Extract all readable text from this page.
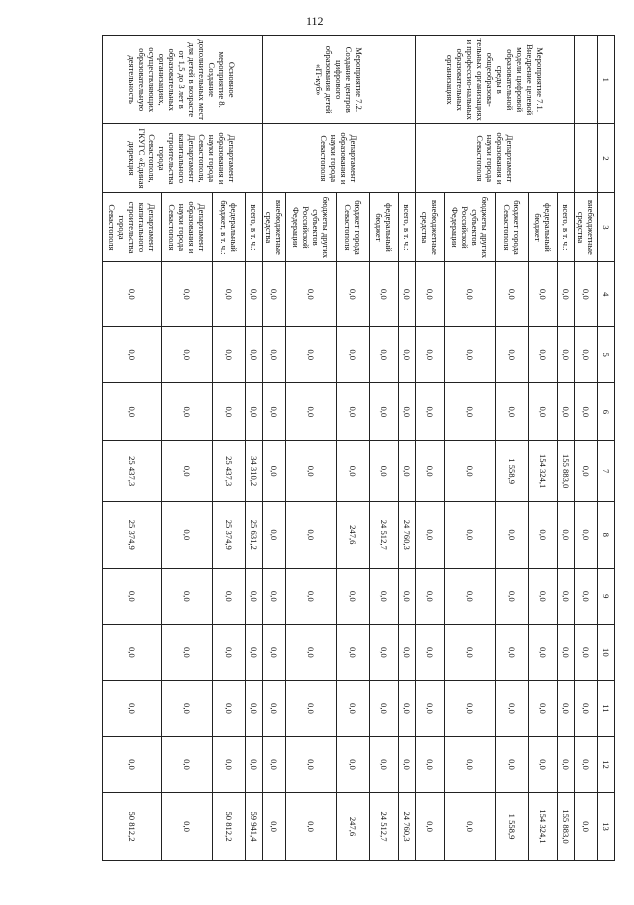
112
1	2	3	4	5	6	7	8	9	10	11	12	13
		внебюджетные средства	0,0	0,0	0,0	0,0	0,0	0,0	0,0	0,0	0,0	0,0
Мероприятие 7.1. Внедрение целевой модели цифровой образовательной среды в общеобразова-тельных организациях и профессио-нальных образовательных организациях	Департамент образования и науки города Севастополя	всего, в т. ч.:	0,0	0,0	0,0	155 883,0	0,0	0,0	0,0	0,0	0,0	155 883,0
		федеральный бюджет	0,0	0,0	0,0	154 324,1	0,0	0,0	0,0	0,0	0,0	154 324,1
		бюджет города Севастополя	0,0	0,0	0,0	1 558,9	0,0	0,0	0,0	0,0	0,0	1 558,9
		бюджеты других субъектов Российской Федерации	0,0	0,0	0,0	0,0	0,0	0,0	0,0	0,0	0,0	0,0
		внебюджетные средства	0,0	0,0	0,0	0,0	0,0	0,0	0,0	0,0	0,0	0,0
Мероприятие 7.2. Создание центров цифрового образования детей «IT-куб»	Департамент образования и науки города Севастополя	всего, в т. ч.:	0,0	0,0	0,0	0,0	24 760,3	0,0	0,0	0,0	0,0	24 760,3
		федеральный бюджет	0,0	0,0	0,0	0,0	24 512,7	0,0	0,0	0,0	0,0	24 512,7
		бюджет города Севастополя	0,0	0,0	0,0	0,0	247,6	0,0	0,0	0,0	0,0	247,6
		бюджеты других субъектов Российской Федерации	0,0	0,0	0,0	0,0	0,0	0,0	0,0	0,0	0,0	0,0
		внебюджетные средства	0,0	0,0	0,0	0,0	0,0	0,0	0,0	0,0	0,0	0,0
Основное мероприятие 8. Создание дополнительных мест для детей в возрасте от 1,5 до 3 лет в образовательных организациях, осуществляющих образовательную деятельность	Департамент образования и науки города Севастополя, Департамент капитального строительства города Севастополя, ГКУГС «Единая дирекция	всего, в т. ч.:	0,0	0,0	0,0	34 310,2	25 631,2	0,0	0,0	0,0	0,0	59 941,4
		федеральный бюджет, в т. ч.:	0,0	0,0	0,0	25 437,3	25 374,9	0,0	0,0	0,0	0,0	50 812,2
		Департамент образования и науки города Севастополя	0,0	0,0	0,0	0,0	0,0	0,0	0,0	0,0	0,0	0,0
		Департамент капитального строительства города Севастополя	0,0	0,0	0,0	25 437,3	25 374,9	0,0	0,0	0,0	0,0	50 812,2
